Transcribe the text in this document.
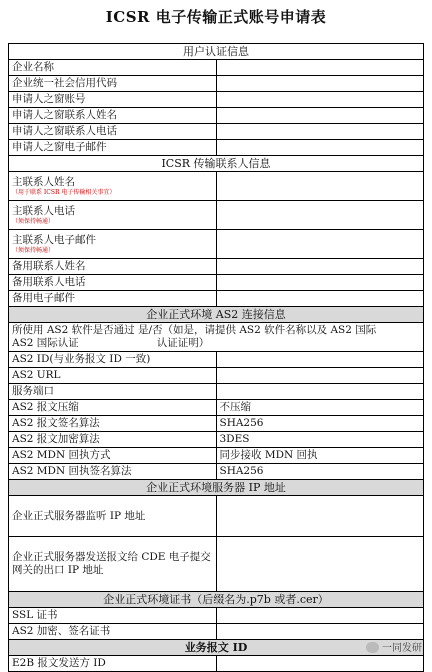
ICSR 电子传输正式账号申请表
用户认证信息	
企业名称	
企业统一社会信用代码	
申请人之窗账号	
申请人之窗联系人姓名	
申请人之窗联系人电话	
申请人之窗电子邮件	
ICSR 传输联系人信息	
主联系人姓名
（用于联系 ICSR 电子传输相关事宜）	

主联系人电话
（须保持畅通）	

主联系人电子邮件
（须保持畅通）	

备用联系人姓名	
备用联系人电话	
备用电子邮件	
企业正式环境 AS2 连接信息	
所使用 AS2 软件是否通过 是/否（如是，请提供 AS2 软件名称以及 AS2 国际
AS2 国际认证 认证证明）	
AS2 ID(与业务报文 ID 一致)	
AS2 URL	
服务端口	
AS2 报文压缩	不压缩
AS2 报文签名算法	SHA256
AS2 报文加密算法	3DES
AS2 MDN 回执方式	同步接收 MDN 回执
AS2 MDN 回执签名算法	SHA256
企业正式环境服务器 IP 地址	
企业正式服务器监听 IP 地址	
企业正式服务器发送报文给 CDE 电子提交网关的出口 IP 地址	
企业正式环境证书（后缀名为.p7b 或者.cer）	
SSL 证书	
AS2 加密、签名证书	
业务报文 ID	
E2B 报文发送方 ID	
一同发研
